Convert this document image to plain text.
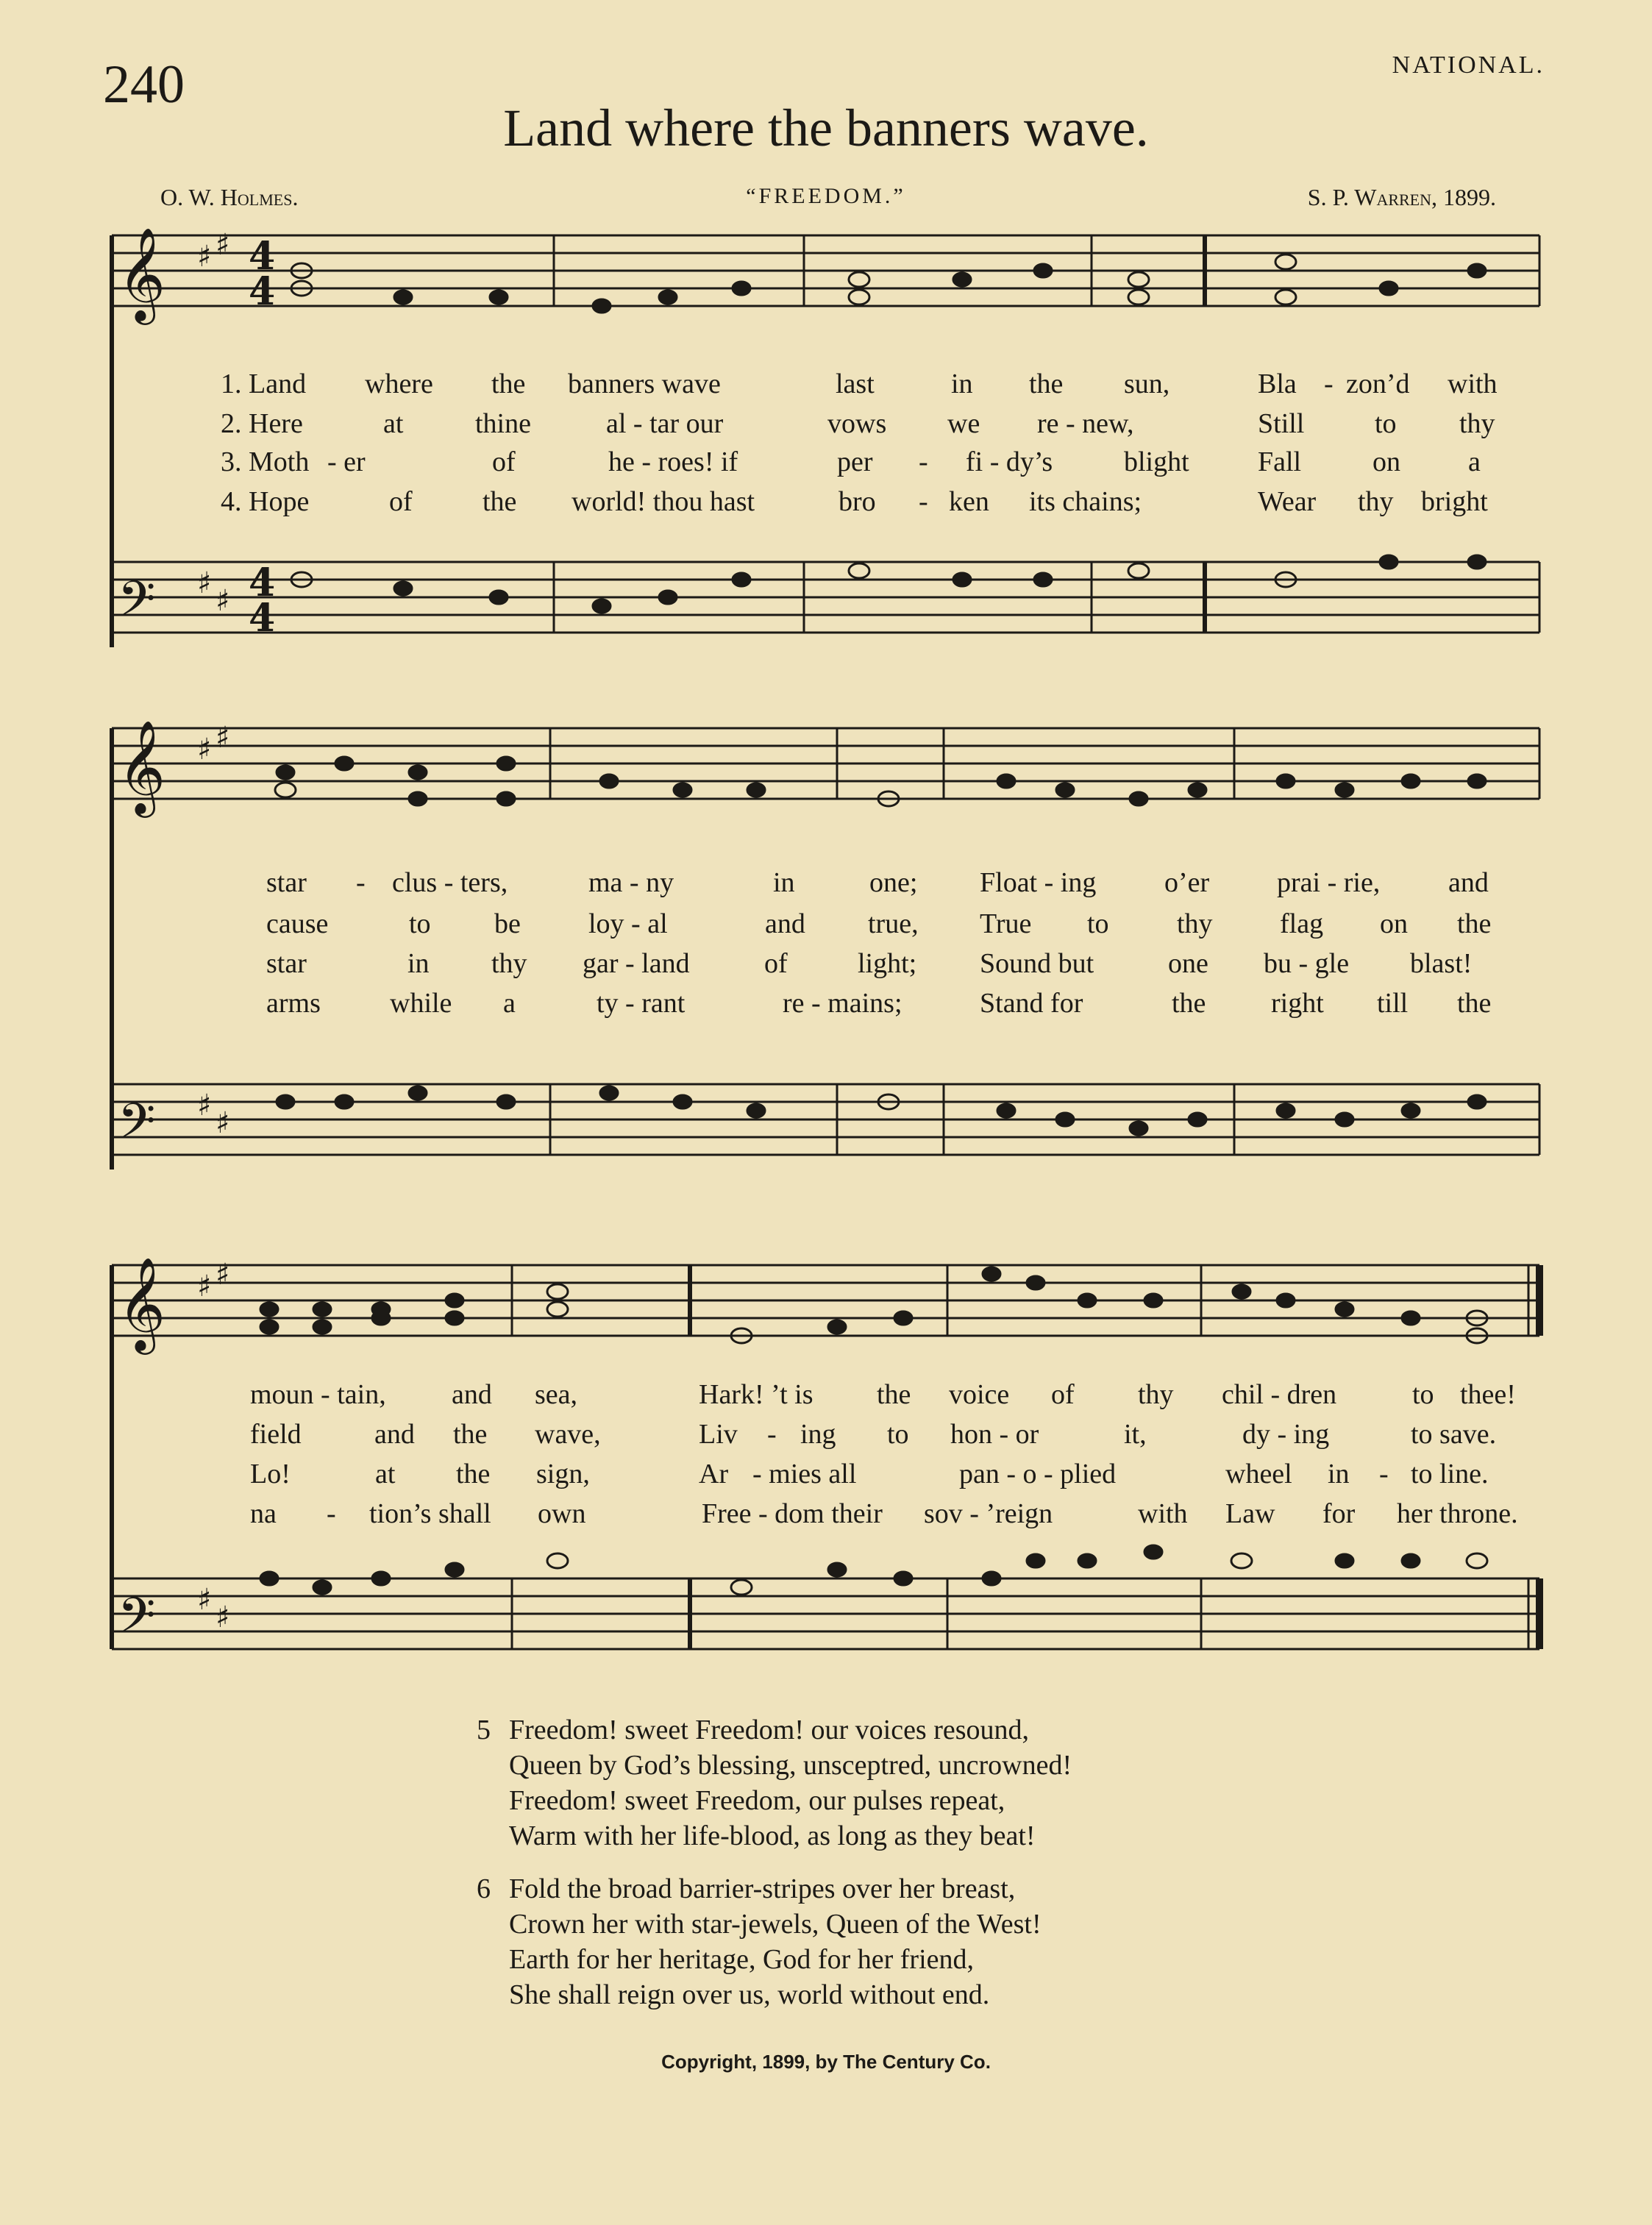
240	NATIONAL.
Land where the banners wave.
O. W. Holmes.	“FREEDOM.”	S. P. Warren, 1899.
𝄞
𝄢
♯ ♯
♯
♯
4
4
4
4
1. Land where the banners wave	last	in the sun,	Bla - zon’d with
2. Here	at	thine	al - tar our	vows we re - new,	Still	to thy
3. Moth - er	of	he - roes! if	per - fi - dy’s	blight Fall	on a
4. Hope	of	the world! thou hast	bro - ken its chains;	Wear thy bright
𝄞
𝄢
♯ ♯
♯
♯
star - clus - ters,	ma - ny	in	one; Float - ing o’er prai - rie, and
cause	to be loy - al	and true, True to thy flag on the
star	in thy gar - land	of	light; Sound but	one bu - gle blast!
arms while a	ty - rant	re - mains;	Stand for	the right till the
𝄞
𝄢
♯ ♯
♯
♯
moun - tain, and sea,	Hark! ’t is the voice of thy chil - dren	to thee!
field	and the wave,	Liv - ing to hon - or	it,	dy - ing	to save.
Lo!	at the sign,	Ar - mies all	pan - o - plied	wheel in - to line.
na - tion’s shall own	Free - dom their sov - ’reign	with Law for her throne.
5 Freedom! sweet Freedom! our voices resound,
Queen by God’s blessing, unsceptred, uncrowned!
Freedom! sweet Freedom, our pulses repeat,
Warm with her life-blood, as long as they beat!
6 Fold the broad barrier-stripes over her breast,
Crown her with star-jewels, Queen of the West!
Earth for her heritage, God for her friend,
She shall reign over us, world without end.
Copyright, 1899, by The Century Co.
